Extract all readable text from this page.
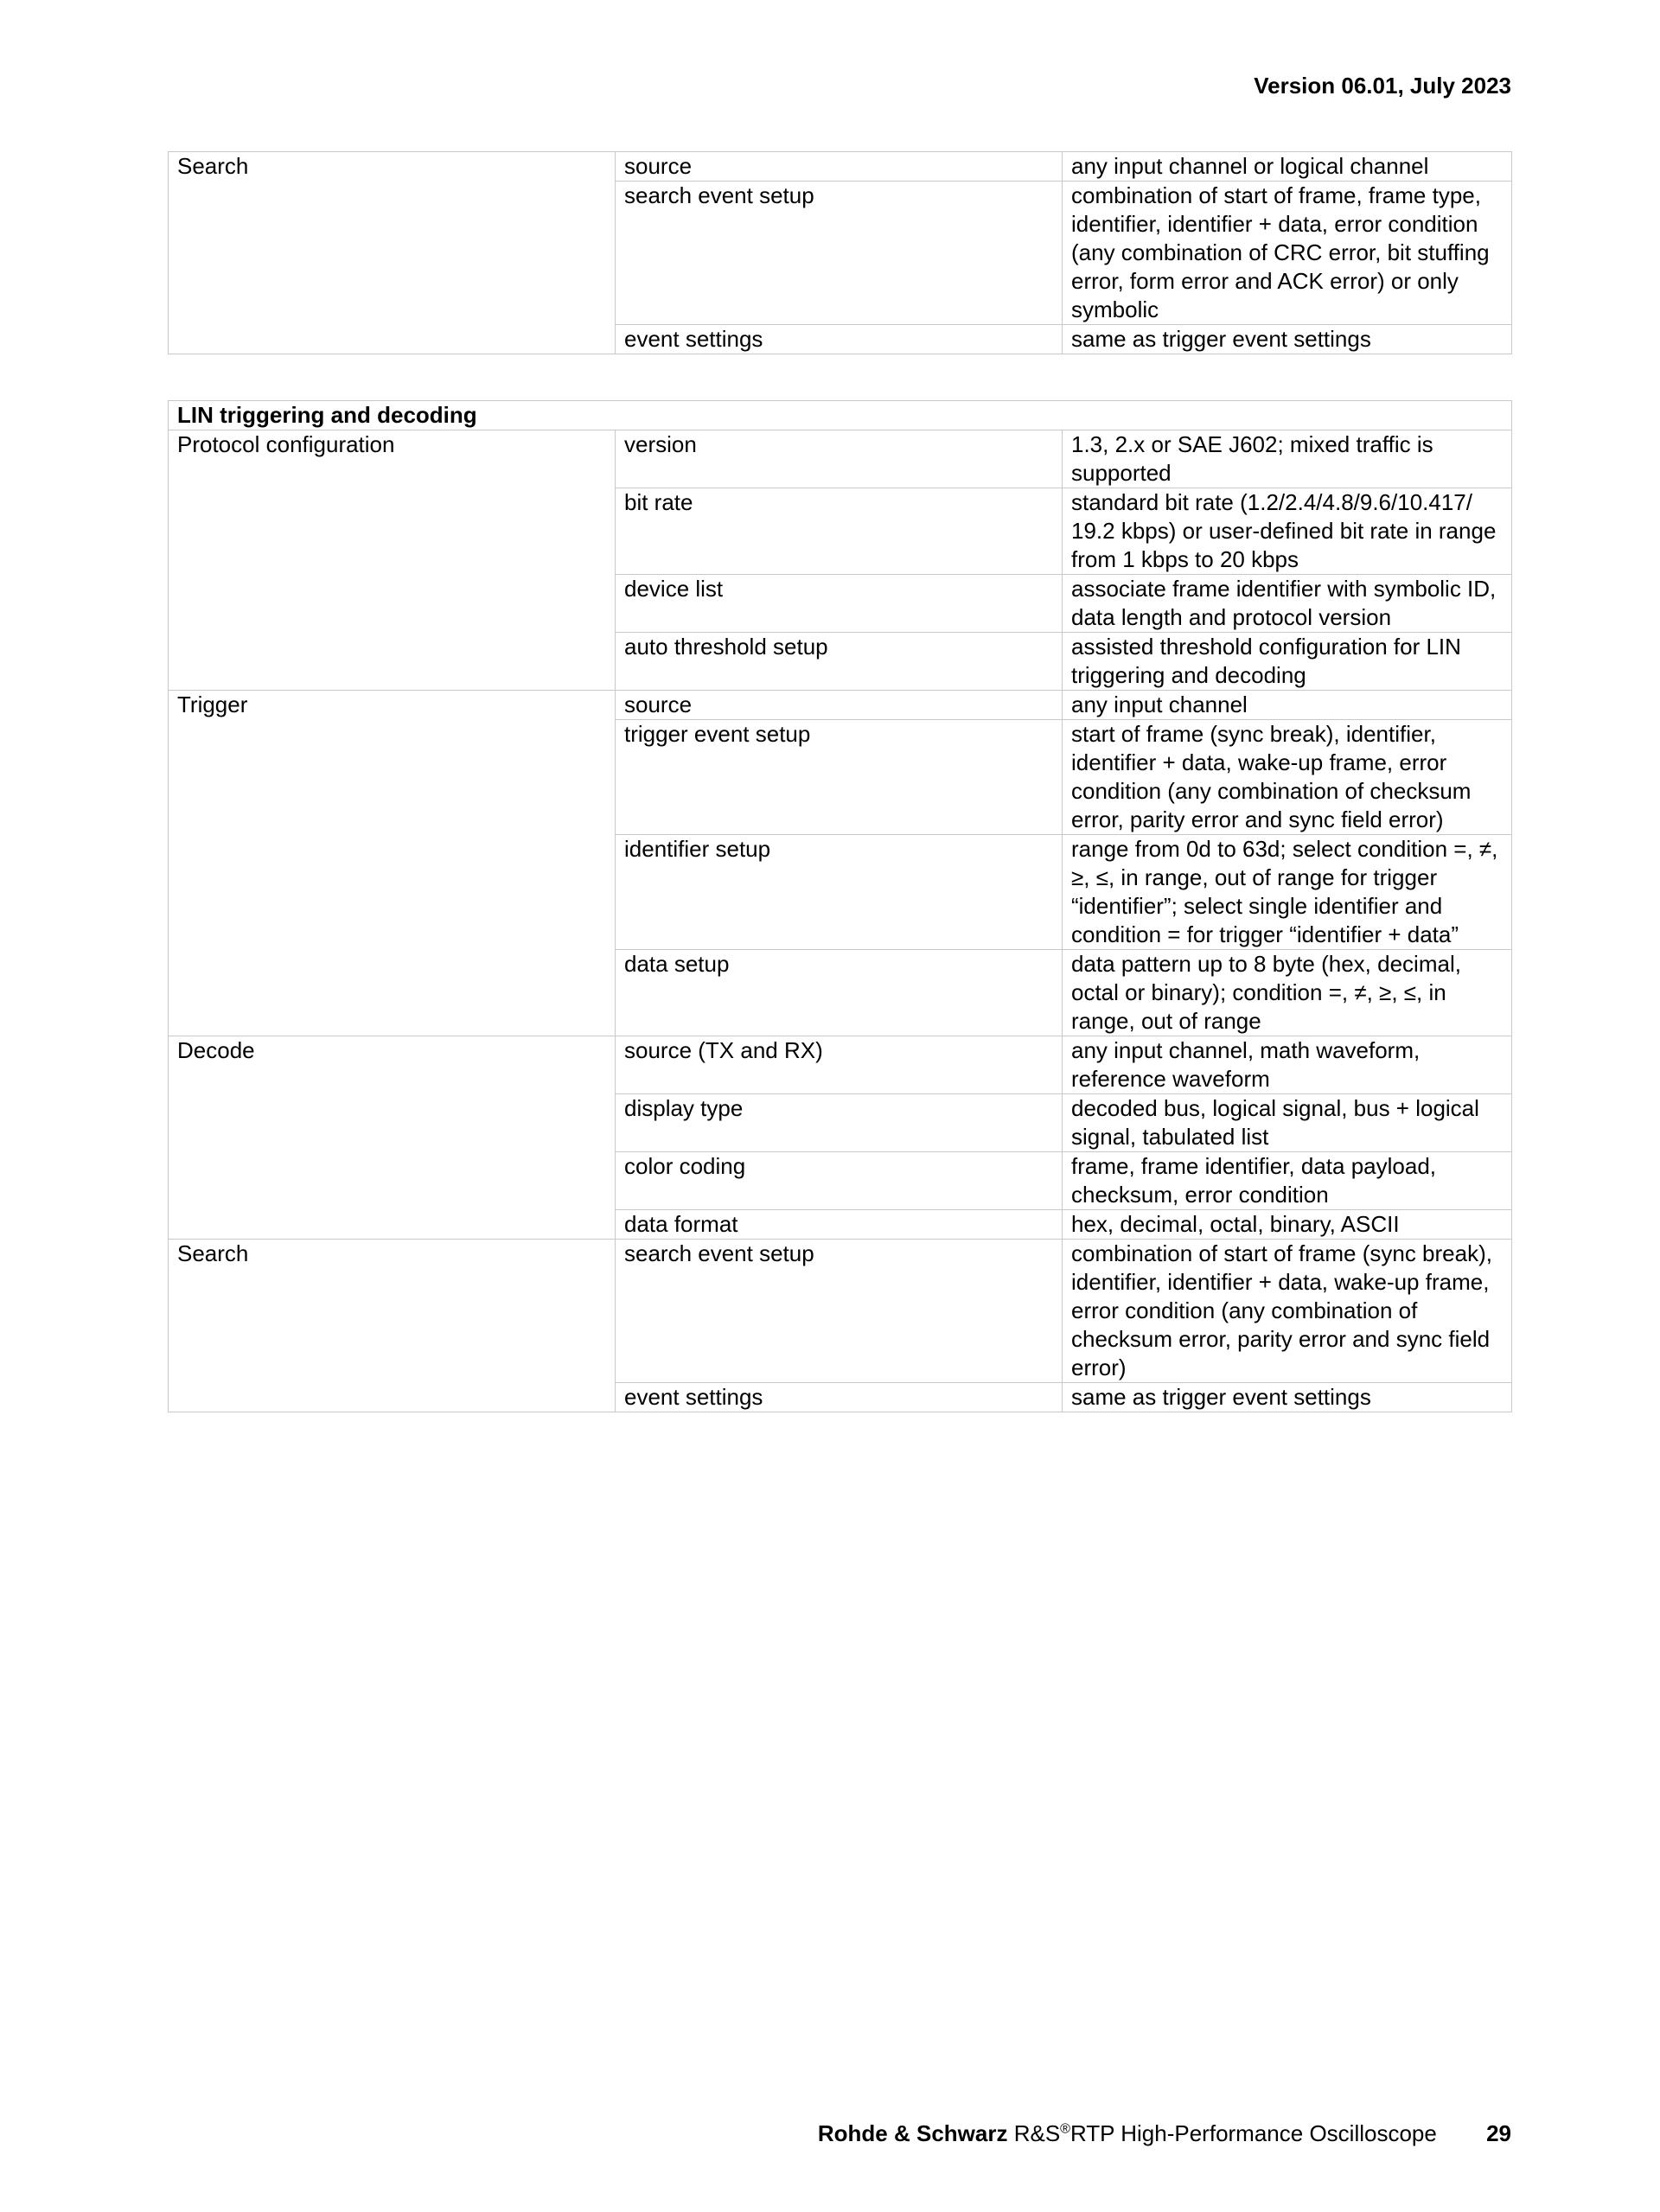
Version 06.01, July 2023
Search	source	any input channel or logical channel
	search event setup	combination of start of frame, frame type, identifier, identifier + data, error condition (any combination of CRC error, bit stuffing error, form error and ACK error) or only symbolic
	event settings	same as trigger event settings
LIN triggering and decoding		
Protocol configuration	version	1.3, 2.x or SAE J602; mixed traffic is supported
	bit rate	standard bit rate (1.2/2.4/4.8/9.6/10.417/ 19.2 kbps) or user-defined bit rate in range from 1 kbps to 20 kbps
	device list	associate frame identifier with symbolic ID, data length and protocol version
	auto threshold setup	assisted threshold configuration for LIN triggering and decoding
Trigger	source	any input channel
	trigger event setup	start of frame (sync break), identifier, identifier + data, wake-up frame, error condition (any combination of checksum error, parity error and sync field error)
	identifier setup	range from 0d to 63d; select condition =, ≠, ≥, ≤, in range, out of range for trigger “identifier”; select single identifier and condition = for trigger “identifier + data”
	data setup	data pattern up to 8 byte (hex, decimal, octal or binary); condition =, ≠, ≥, ≤, in range, out of range
Decode	source (TX and RX)	any input channel, math waveform, reference waveform
	display type	decoded bus, logical signal, bus + logical signal, tabulated list
	color coding	frame, frame identifier, data payload, checksum, error condition
	data format	hex, decimal, octal, binary, ASCII
Search	search event setup	combination of start of frame (sync break), identifier, identifier + data, wake-up frame, error condition (any combination of checksum error, parity error and sync field error)
	event settings	same as trigger event settings
Rohde & Schwarz R&S®RTP High-Performance Oscilloscope 29
